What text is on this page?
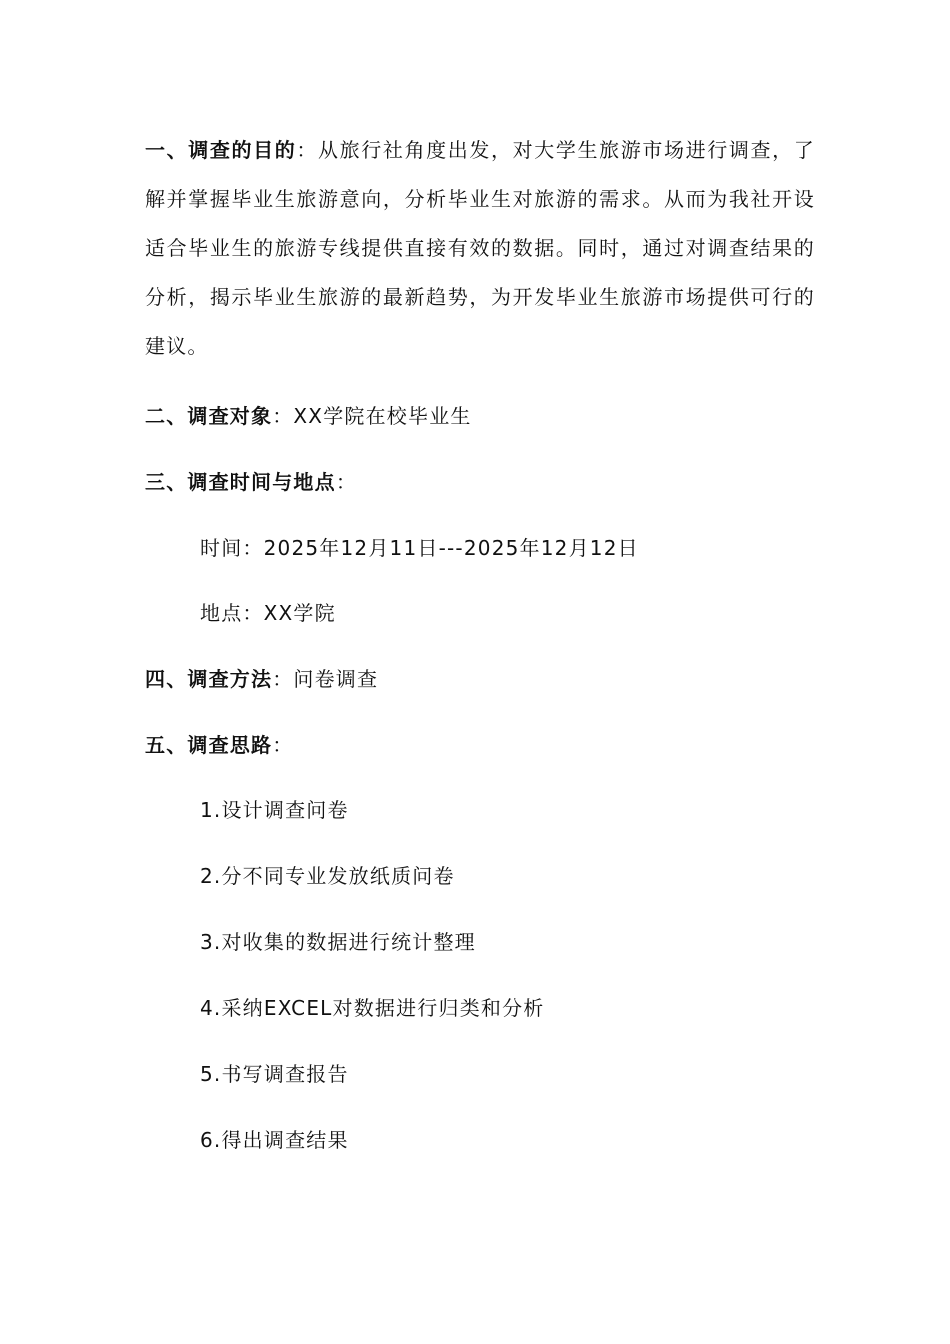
一、调查的目的：从旅行社角度出发，对大学生旅游市场进行调查，了解并掌握毕业生旅游意向，分析毕业生对旅游的需求。从而为我社开设适合毕业生的旅游专线提供直接有效的数据。同时，通过对调查结果的分析，揭示毕业生旅游的最新趋势，为开发毕业生旅游市场提供可行的建议。

二、调查对象：XX学院在校毕业生

三、调查时间与地点：

时间：2025年12月11日---2025年12月12日

地点：XX学院

四、调查方法：问卷调查

五、调查思路：

1.设计调查问卷

2.分不同专业发放纸质问卷

3.对收集的数据进行统计整理

4.采纳EXCEL对数据进行归类和分析

5.书写调查报告

6.得出调查结果
